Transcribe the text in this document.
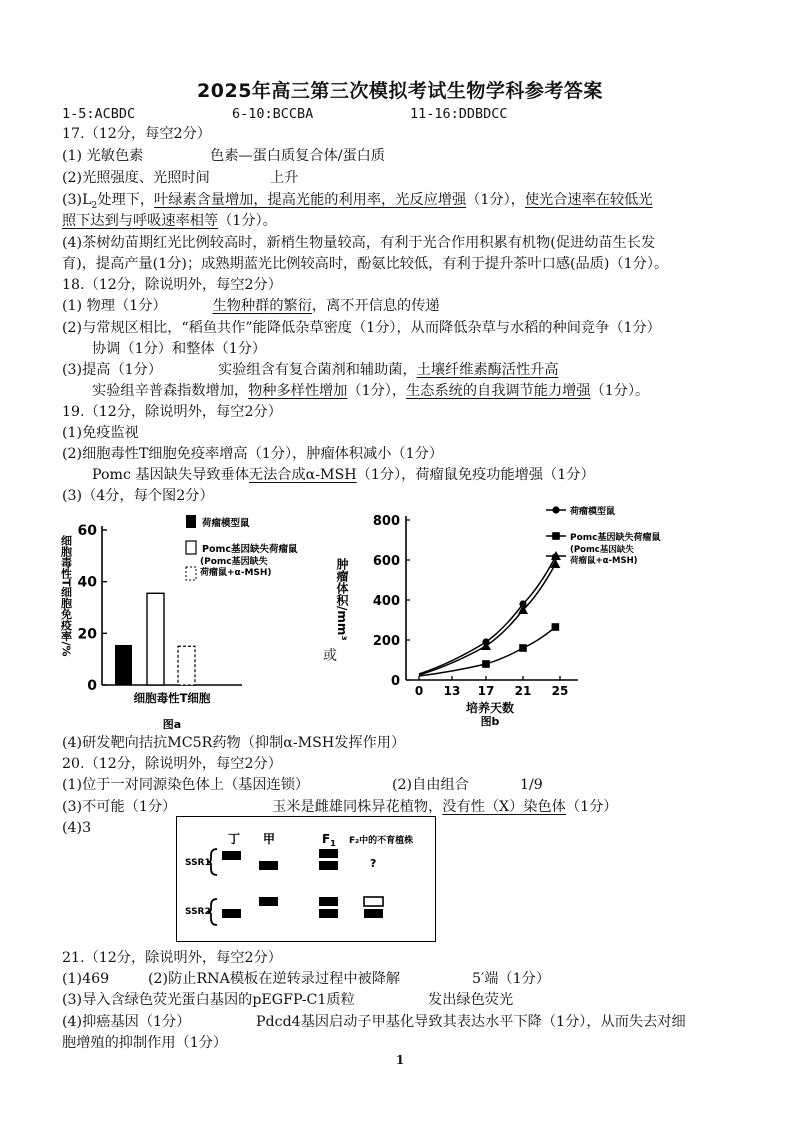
2025年高三第三次模拟考试生物学科参考答案
1-5:ACBDC	6-10:BCCBA	11-16:DDBDCC
17.（12分，每空2分）
(1) 光敏色素	色素—蛋白质复合体/蛋白质
(2)光照强度、光照时间	上升
$(3)L_2$处理下，叶绿素含量增加，提高光能的利用率，光反应增强（1分），使光合速率在较低光
照下达到与呼吸速率相等（1分）。
(4)茶树幼苗期红光比例较高时，新梢生物量较高，有利于光合作用积累有机物(促进幼苗生长发
育)，提高产量(1分)；成熟期蓝光比例较高时，酚氨比较低，有利于提升茶叶口感(品质)（1分）。
18.（12分，除说明外，每空2分）
(1) 物理（1分）	生物种群的繁衍，离不开信息的传递
(2)与常规区相比，“稻鱼共作”能降低杂草密度（1分），从而降低杂草与水稻的种间竞争（1分）
协调（1分）和整体（1分）
(3)提高（1分）	实验组含有复合菌剂和辅助菌，土壤纤维素酶活性升高
实验组辛普森指数增加，物种多样性增加（1分），生态系统的自我调节能力增强（1分）。
19.（12分，除说明外，每空2分）
(1)免疫监视
(2)细胞毒性T细胞免疫率增高（1分），肿瘤体积减小（1分）
Pomc 基因缺失导致垂体无法合成α-MSH（1分），荷瘤鼠免疫功能增强（1分）
(3)（4分，每个图2分）
0
20
40
60
细胞毒性T细胞免疫率/%
细胞毒性T细胞
图a
荷瘤模型鼠
Pomc基因缺失荷瘤鼠
(Pomc基因缺失荷瘤鼠+α-MSH)
或
0
200
400
600
800
0 13 17 21 25
肿瘤体积/mm³
培养天数
图b
荷瘤模型鼠
Pomc基因缺失荷瘤鼠
(Pomc基因缺失荷瘤鼠+α-MSH)
(4)研发靶向拮抗MC5R药物（抑制α-MSH发挥作用）
20.（12分，除说明外，每空2分）
(1)位于一对同源染色体上（基因连锁）	(2)自由组合	1/9
(3)不可能（1分）	玉米是雌雄同株异花植物，没有性（X）染色体（1分）
(4)3
丁 甲	$F_1$ F₂中的不育植株
SSR1
SSR2
?
21.（12分，除说明外，每空2分）
(1)469	(2)防止RNA模板在逆转录过程中被降解	5′端（1分）
(3)导入含绿色荧光蛋白基因的pEGFP-C1质粒	发出绿色荧光
(4)抑癌基因（1分）	Pdcd4基因启动子甲基化导致其表达水平下降（1分），从而失去对细
胞增殖的抑制作用（1分）
1
